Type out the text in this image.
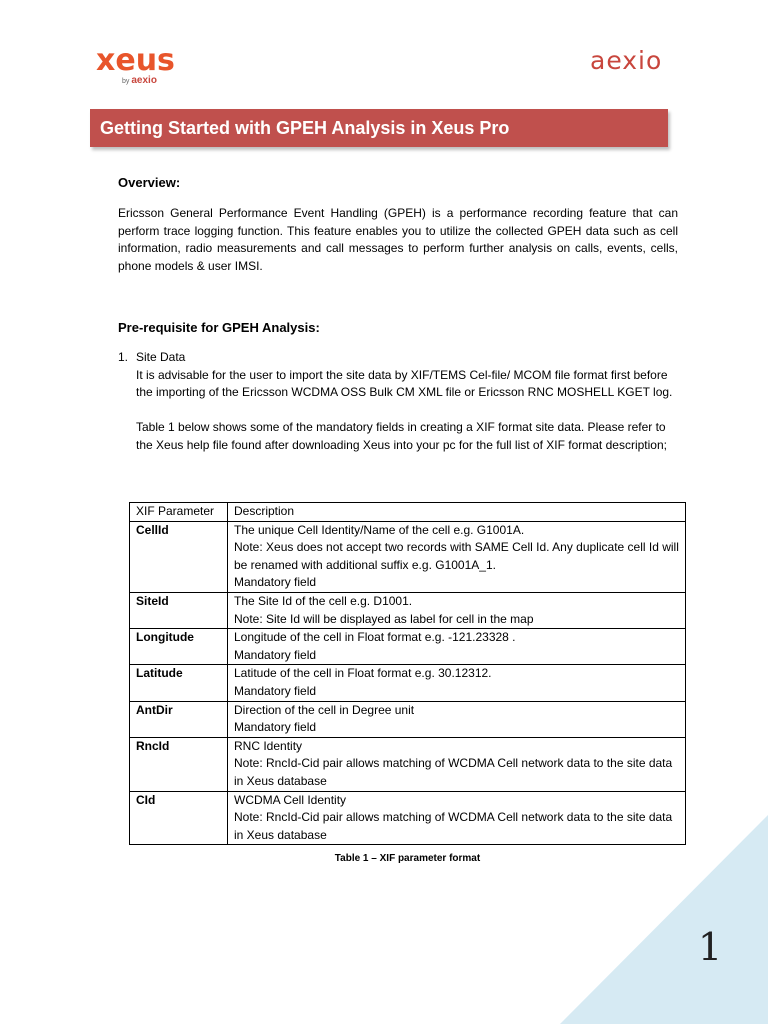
xeus
by aexio
aexio
Getting Started with GPEH Analysis in Xeus Pro
Overview:
Ericsson General Performance Event Handling (GPEH) is a performance recording feature that can perform trace logging function. This feature enables you to utilize the collected GPEH data such as cell information, radio measurements and call messages to perform further analysis on calls, events, cells, phone models & user IMSI.
Pre-requisite for GPEH Analysis:
1. Site Data

It is advisable for the user to import the site data by XIF/TEMS Cel-file/ MCOM file format first before the importing of the Ericsson WCDMA OSS Bulk CM XML file or Ericsson RNC MOSHELL KGET log.

Table 1 below shows some of the mandatory fields in creating a XIF format site data. Please refer to the Xeus help file found after downloading Xeus into your pc for the full list of XIF format description;

XIF Parameter	Description
CellId	The unique Cell Identity/Name of the cell e.g. G1001A.
Note: Xeus does not accept two records with SAME Cell Id. Any duplicate cell Id will be renamed with additional suffix e.g. G1001A_1.
Mandatory field

SiteId	The Site Id of the cell e.g. D1001.
Note: Site Id will be displayed as label for cell in the map

Longitude	Longitude of the cell in Float format e.g. -121.23328 .
Mandatory field

Latitude	Latitude of the cell in Float format e.g. 30.12312.
Mandatory field

AntDir	Direction of the cell in Degree unit
Mandatory field

RncId	RNC Identity
Note: RncId-Cid pair allows matching of WCDMA Cell network data to the site data in Xeus database

CId	WCDMA Cell Identity
Note: RncId-Cid pair allows matching of WCDMA Cell network data to the site data in Xeus database
Table 1 – XIF parameter format
1
